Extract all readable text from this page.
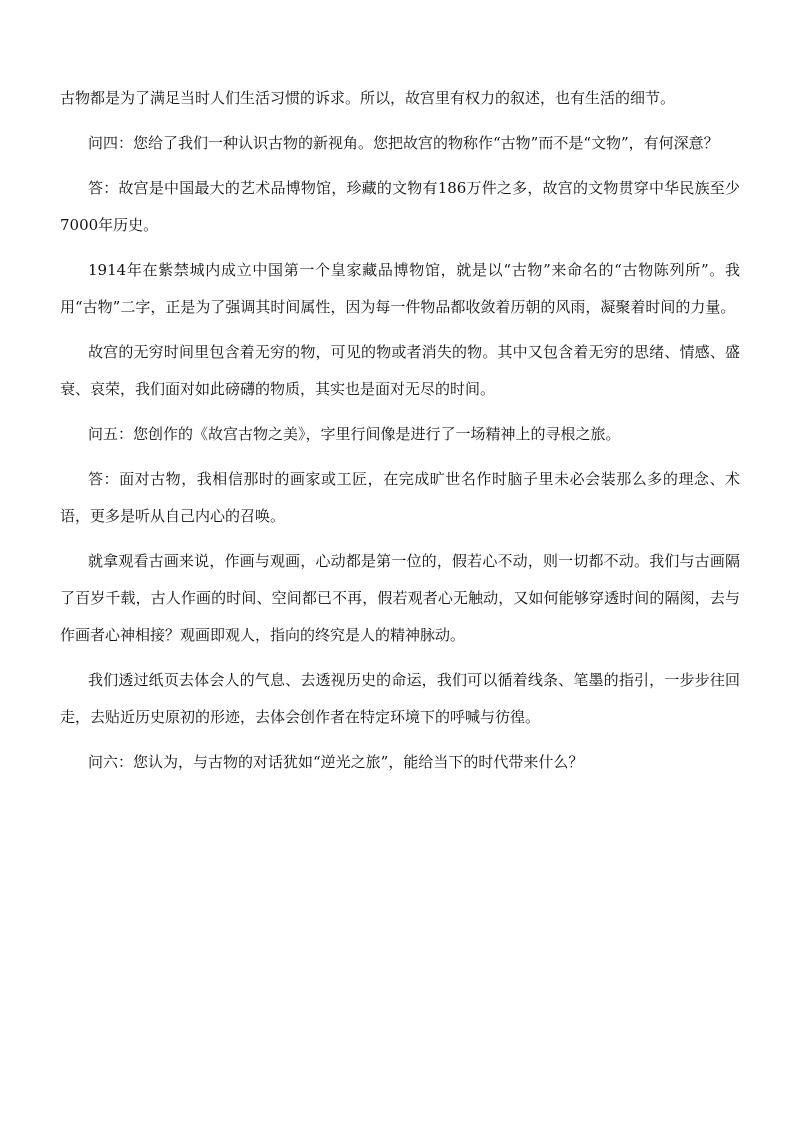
古物都是为了满足当时人们生活习惯的诉求。所以，故宫里有权力的叙述，也有生活的细节。

问四：您给了我们一种认识古物的新视角。您把故宫的物称作“古物”而不是“文物”，有何深意？

答：故宫是中国最大的艺术品博物馆，珍藏的文物有186万件之多，故宫的文物贯穿中华民族至少7000年历史。

1914年在紫禁城内成立中国第一个皇家藏品博物馆，就是以“古物”来命名的“古物陈列所”。我用“古物”二字，正是为了强调其时间属性，因为每一件物品都收敛着历朝的风雨，凝聚着时间的力量。

故宫的无穷时间里包含着无穷的物，可见的物或者消失的物。其中又包含着无穷的思绪、情感、盛衰、哀荣，我们面对如此磅礴的物质，其实也是面对无尽的时间。

问五：您创作的《故宫古物之美》，字里行间像是进行了一场精神上的寻根之旅。

答：面对古物，我相信那时的画家或工匠，在完成旷世名作时脑子里未必会装那么多的理念、术语，更多是听从自己内心的召唤。

就拿观看古画来说，作画与观画，心动都是第一位的，假若心不动，则一切都不动。我们与古画隔了百岁千载，古人作画的时间、空间都已不再，假若观者心无触动，又如何能够穿透时间的隔阂，去与作画者心神相接？观画即观人，指向的终究是人的精神脉动。

我们透过纸页去体会人的气息、去透视历史的命运，我们可以循着线条、笔墨的指引，一步步往回走，去贴近历史原初的形迹，去体会创作者在特定环境下的呼喊与彷徨。

问六：您认为，与古物的对话犹如“逆光之旅”，能给当下的时代带来什么？
